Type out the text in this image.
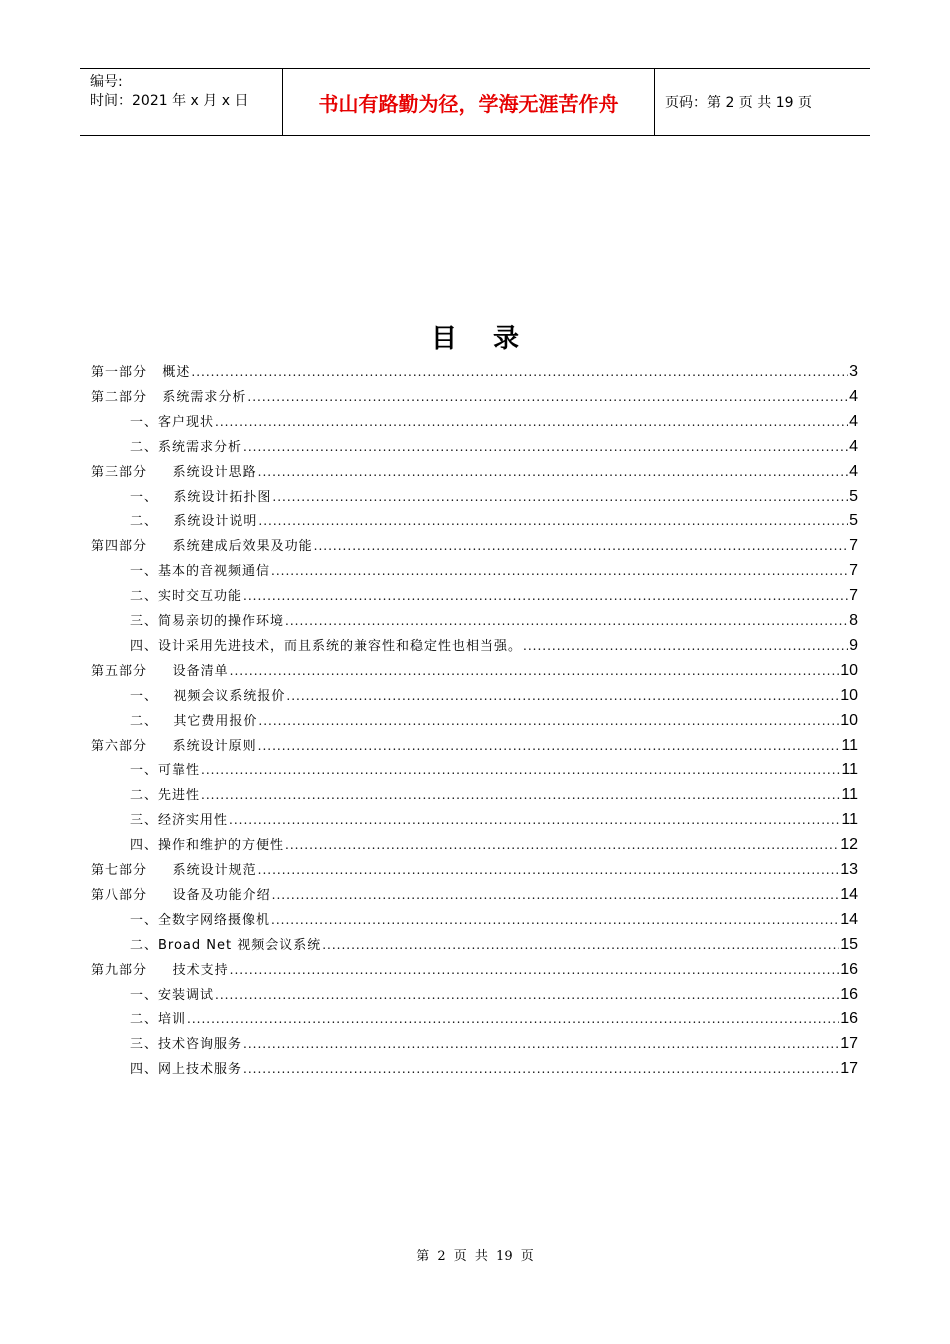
编号:
时间：2021 年 x 月 x 日	书山有路勤为径，学海无涯苦作舟	页码：第 2 页 共 19 页
目录
第一部分   概述 .....	3
第二部分   系统需求分析 .....	4
一、客户现状 .....	4
二、系统需求分析 .....	4
第三部分     系统设计思路 .....	4
一、   系统设计拓扑图 .....	5
二、   系统设计说明 .....	5
第四部分     系统建成后效果及功能 .....	7
一、基本的音视频通信 .....	7
二、实时交互功能 .....	7
三、简易亲切的操作环境 .....	8
四、设计采用先进技术，而且系统的兼容性和稳定性也相当强。 .....	9
第五部分     设备清单 .....	10
一、   视频会议系统报价 .....	10
二、   其它费用报价 .....	10
第六部分     系统设计原则 .....	11
一、可靠性 .....	11
二、先进性 .....	11
三、经济实用性 .....	11
四、操作和维护的方便性 .....	12
第七部分     系统设计规范 .....	13
第八部分     设备及功能介绍 .....	14
一、全数字网络摄像机 .....	14
二、Broad Net 视频会议系统 .....	15
第九部分     技术支持 .....	16
一、安装调试 .....	16
二、培训 .....	16
三、技术咨询服务 .....	17
四、网上技术服务 .....	17
第 2 页 共 19 页
